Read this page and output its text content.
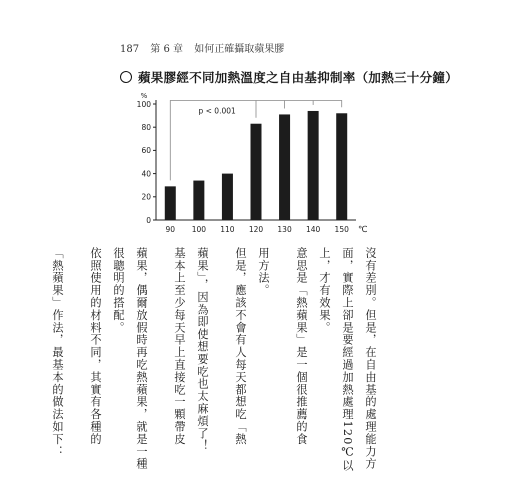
187 第 6 章 如何正確攝取蘋果膠
蘋果膠經不同加熱溫度之自由基抑制率（加熱三十分鐘）
%
℃
0
20
40
60
80
100
90 100 110 120 130 140 150
p < 0.001
沒有差別。但是，在自由基的處理能力方
面，實際上卻是要經過加熱處理120℃以
上，才有效果。
意思是「熱蘋果」是一個很推薦的食
用方法。
但是，應該不會有人每天都想吃「熱
蘋果」，因為即使想要吃也太麻煩了！
基本上至少每天早上直接吃一顆帶皮
蘋果，偶爾放假時再吃熱蘋果，就是一種
很聰明的搭配。
依照使用的材料不同，其實有各種的
「熱蘋果」作法，最基本的做法如下：
